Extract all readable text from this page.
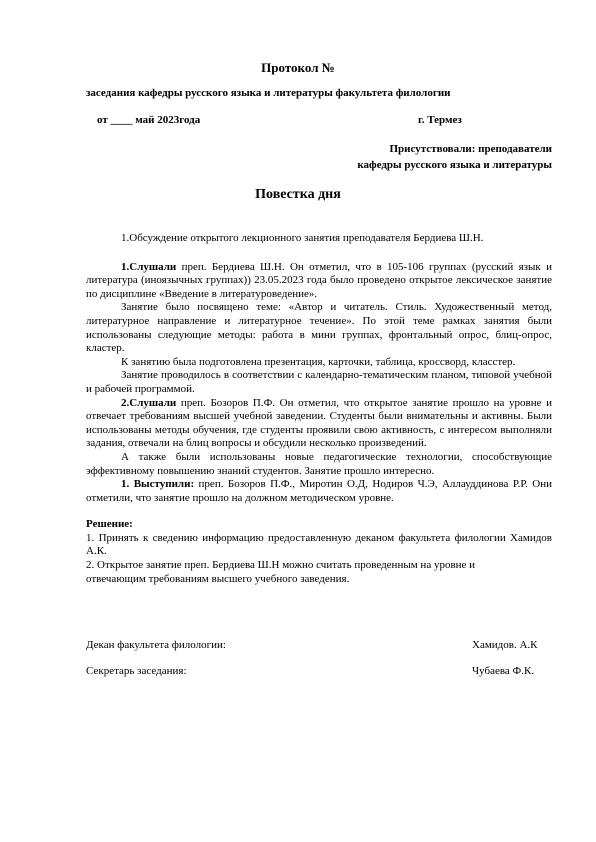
Протокол №
заседания кафедры русского языка и литературы факультета филологии
от ____ май 2023года	г. Термез
Присутствовали: преподаватели
кафедры русского языка и литературы
Повестка дня

1.Обсуждение открытого лекционного занятия преподавателя Бердиева Ш.Н.

1.Слушали преп. Бердиева Ш.Н. Он отметил, что в 105-106 группах (русский язык и литература (иноязычных группах)) 23.05.2023 года было проведено открытое лексическое занятие по дисциплине «Введение в литературоведение».

Занятие было посвящено теме: «Автор и читатель. Стиль. Художественный метод, литературное направление и литературное течение». По этой теме рамках занятия были использованы следующие методы: работа в мини группах, фронтальный опрос, блиц-опрос, кластер.

К занятию была подготовлена презентация, карточки, таблица, кроссворд, класстер.

Занятие проводилось в соответствии с календарно-тематическим планом, типовой учебной и рабочей программой.

2.Слушали преп. Бозоров П.Ф. Он отметил, что открытое занятие прошло на уровне и отвечает требованиям высшей учебной заведении. Студенты были внимательны и активны. Были использованы методы обучения, где студенты проявили свою активность, с интересом выполняли задания, отвечали на блиц вопросы и обсудили несколько произведений.

А также были использованы новые педагогические технологии, способствующие эффективному повышению знаний студентов. Занятие прошло интересно.

1. Выступили: преп. Бозоров П.Ф., Миротин О.Д, Нодиров Ч.Э, Аллауддинова Р.Р. Они отметили, что занятие прошло на должном методическом уровне.

Решение:

1. Принять к сведению информацию предоставленную деканом факультета филологии Хамидов А.К.

2. Открытое занятие преп. Бердиева Ш.Н можно считать проведенным на уровне и

отвечающим требованиям высшего учебного заведения.

Декан факультета филологии:	Хамидов. А.К
Секретарь заседания:	Чубаева Ф.К.
